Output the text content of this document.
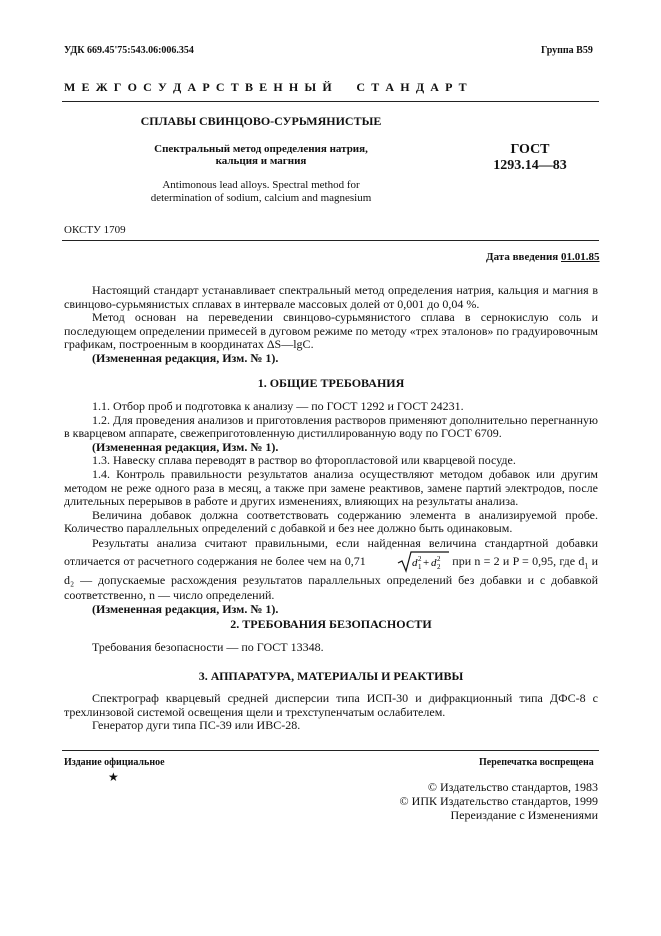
УДК 669.45'75:543.06:006.354	Группа В59
М Е Ж Г О С У Д А Р С Т В Е Н Н Ы Й     С Т А Н Д А Р Т
СПЛАВЫ СВИНЦОВО-СУРЬМЯНИСТЫЕ
Спектральный метод определения натрия,
кальция и магния
Antimonous lead alloys. Spectral method for
determination of sodium, calcium and magnesium
ГОСТ
1293.14—83
ОКСТУ 1709
Дата введения 01.01.85

Настоящий стандарт устанавливает спектральный метод определения натрия, кальция и магния в свинцово-сурьмянистых сплавах в интервале массовых долей от 0,001 до 0,04 %.

Метод основан на переведении свинцово-сурьмянистого сплава в сернокислую соль и последующем определении примесей в дуговом режиме по методу «трех эталонов» по градуировочным графикам, построенным в координатах ΔS—lgC.

(Измененная редакция, Изм. № 1).

1. ОБЩИЕ ТРЕБОВАНИЯ

1.1. Отбор проб и подготовка к анализу — по ГОСТ 1292 и ГОСТ 24231.

1.2. Для проведения анализов и приготовления растворов применяют дополнительно перегнанную в кварцевом аппарате, свежеприготовленную дистиллированную воду по ГОСТ 6709.

(Измененная редакция, Изм. № 1).

1.3. Навеску сплава переводят в раствор во фторопластовой или кварцевой посуде.

1.4. Контроль правильности результатов анализа осуществляют методом добавок или другим методом не реже одного раза в месяц, а также при замене реактивов, замене партий электродов, после длительных перерывов в работе и других изменениях, влияющих на результаты анализа.

Величина добавок должна соответствовать содержанию элемента в анализируемой пробе. Количество параллельных определений с добавкой и без нее должно быть одинаковым.

Результаты анализа считают правильными, если найденная величина стандартной добавки отличается от расчетного содержания не более чем на 0,71	d 2
1 + d 2
2 при n = 2 и P = 0,95, где $d_1$ и d₂ — допускаемые расхождения результатов параллельных определений без добавки и с добавкой соответственно, n — число определений.

(Измененная редакция, Изм. № 1).

2. ТРЕБОВАНИЯ БЕЗОПАСНОСТИ

Требования безопасности — по ГОСТ 13348.

3. АППАРАТУРА, МАТЕРИАЛЫ И РЕАКТИВЫ

Спектрограф кварцевый средней дисперсии типа ИСП-30 и дифракционный типа ДФС-8 с трехлинзовой системой освещения щели и трехступенчатым ослабителем.

Генератор дуги типа ПС-39 или ИВС-28.

Издание официальное	Перепечатка воспрещена
★
© Издательство стандартов, 1983
© ИПК Издательство стандартов, 1999
Переиздание с Изменениями
